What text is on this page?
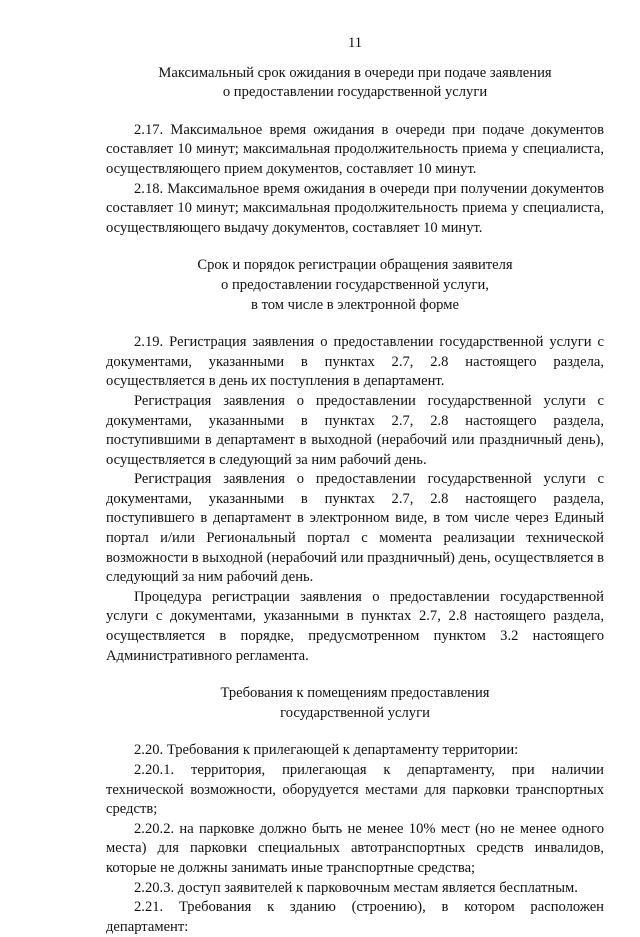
11
Максимальный срок ожидания в очереди при подаче заявления
о предоставлении государственной услуги

2.17. Максимальное время ожидания в очереди при подаче документов составляет 10 минут; максимальная продолжительность приема у специалиста, осуществляющего прием документов, составляет 10 минут.

2.18. Максимальное время ожидания в очереди при получении документов составляет 10 минут; максимальная продолжительность приема у специалиста, осуществляющего выдачу документов, составляет 10 минут.

Срок и порядок регистрации обращения заявителя
о предоставлении государственной услуги,
в том числе в электронной форме

2.19. Регистрация заявления о предоставлении государственной услуги с документами, указанными в пунктах 2.7, 2.8 настоящего раздела, осуществляется в день их поступления в департамент.

Регистрация заявления о предоставлении государственной услуги с документами, указанными в пунктах 2.7, 2.8 настоящего раздела, поступившими в департамент в выходной (нерабочий или праздничный день), осуществляется в следующий за ним рабочий день.

Регистрация заявления о предоставлении государственной услуги с документами, указанными в пунктах 2.7, 2.8 настоящего раздела, поступившего в департамент в электронном виде, в том числе через Единый портал и/или Региональный портал с момента реализации технической возможности в выходной (нерабочий или праздничный) день, осуществляется в следующий за ним рабочий день.

Процедура регистрации заявления о предоставлении государственной услуги с документами, указанными в пунктах 2.7, 2.8 настоящего раздела, осуществляется в порядке, предусмотренном пунктом 3.2 настоящего Административного регламента.

Требования к помещениям предоставления
государственной услуги

2.20. Требования к прилегающей к департаменту территории:

2.20.1. территория, прилегающая к департаменту, при наличии технической возможности, оборудуется местами для парковки транспортных средств;

2.20.2. на парковке должно быть не менее 10% мест (но не менее одного места) для парковки специальных автотранспортных средств инвалидов, которые не должны занимать иные транспортные средства;

2.20.3. доступ заявителей к парковочным местам является бесплатным.

2.21. Требования к зданию (строению), в котором расположен департамент:
